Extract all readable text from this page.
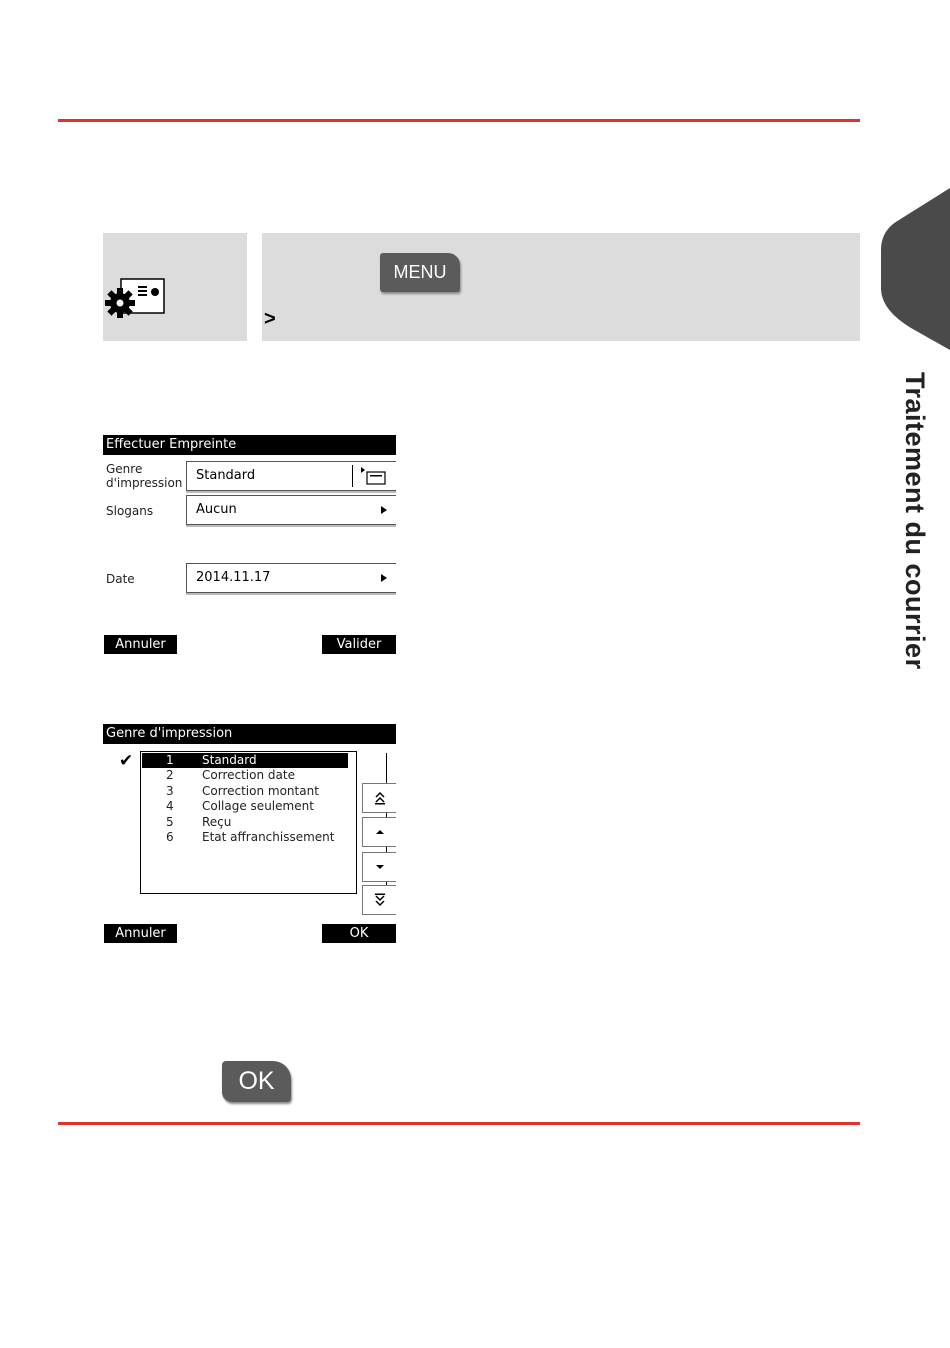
Traitement du courrier
MENU
>
Effectuer Empreinte
Genre d'impression	Standard
Slogans	Aucun
Date	2014.11.17
Annuler	Valider
Genre d'impression
✔	1 Standard
2 Correction date
3 Correction montant
4 Collage seulement
5 Reçu
6 Etat affranchissement
Annuler	OK
OK
